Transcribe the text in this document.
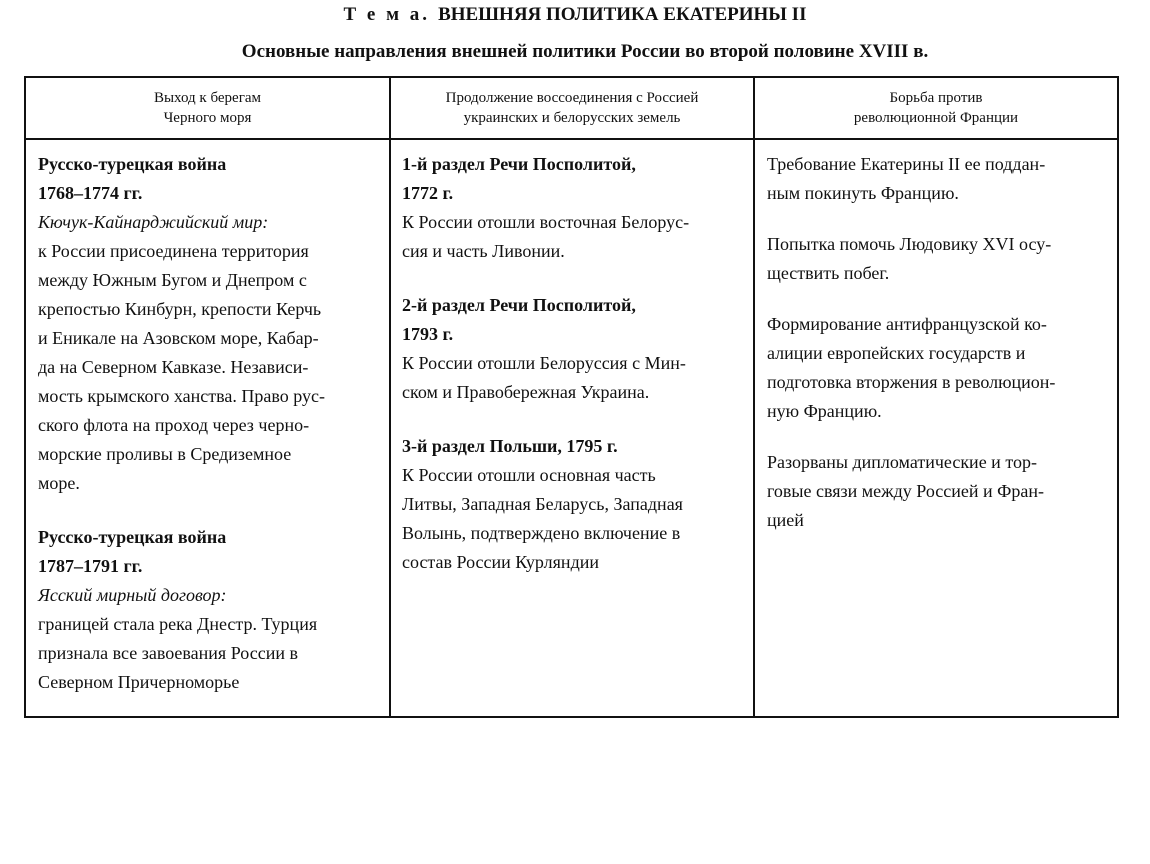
Т е м а. ВНЕШНЯЯ ПОЛИТИКА ЕКАТЕРИНЫ II
Основные направления внешней политики России во второй половине XVIII в.
Выход к берегам
Черного моря
Продолжение воссоединения с Россией
украинских и белорусских земель
Борьба против
революционной Франции

Русско-турецкая война
1768–1774 гг.

Кючук-Кайнарджийский мир:

к России присоединена территория
между Южным Бугом и Днепром с
крепостью Кинбурн, крепости Керчь
и Еникале на Азовском море, Кабар-
да на Северном Кавказе. Независи-
мость крымского ханства. Право рус-
ского флота на проход через черно-
морские проливы в Средиземное
море.

Русско-турецкая война
1787–1791 гг.

Ясский мирный договор:

границей стала река Днестр. Турция
признала все завоевания России в
Северном Причерноморье

1-й раздел Речи Посполитой,
1772 г.

К России отошли восточная Белорус-
сия и часть Ливонии.

2-й раздел Речи Посполитой,
1793 г.

К России отошли Белоруссия с Мин-
ском и Правобережная Украина.

3-й раздел Польши, 1795 г.

К России отошли основная часть
Литвы, Западная Беларусь, Западная
Волынь, подтверждено включение в
состав России Курляндии

Требование Екатерины II ее поддан-
ным покинуть Францию.

Попытка помочь Людовику XVI осу-
ществить побег.

Формирование антифранцузской ко-
алиции европейских государств и
подготовка вторжения в революцион-
ную Францию.

Разорваны дипломатические и тор-
говые связи между Россией и Фран-
цией
